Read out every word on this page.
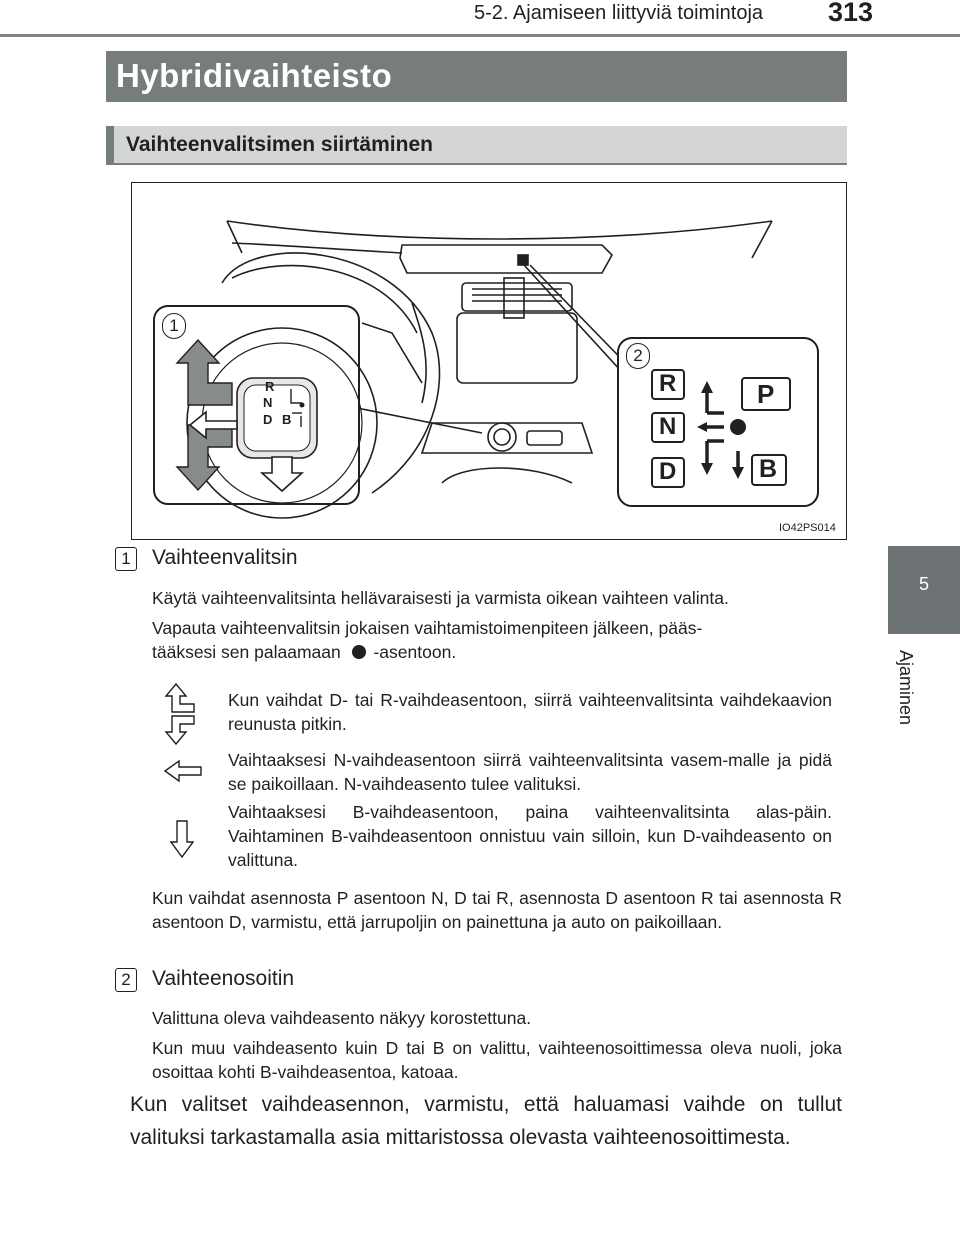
5-2. Ajamiseen liittyviä toimintoja 313
5
Ajaminen
Hybridivaihteisto
Vaihteenvalitsimen siirtäminen
1
2
R
N
D B
R
N
D
P
B
IO42PS014
1 Vaihteenvalitsin
Käytä vaihteenvalitsinta hellävaraisesti ja varmista oikean vaihteen valinta.
Vapauta vaihteenvalitsin jokaisen vaihtamistoimenpiteen jälkeen, pääs-
tääksesi sen palaamaan -asentoon.
Kun vaihdat D- tai R-vaihdeasentoon, siirrä vaihteenvalitsinta vaihdekaavion reunusta pitkin.
Vaihtaaksesi N-vaihdeasentoon siirrä vaihteenvalitsinta vasem-malle ja pidä se paikoillaan. N-vaihdeasento tulee valituksi.
Vaihtaaksesi B-vaihdeasentoon, paina vaihteenvalitsinta alas-päin. Vaihtaminen B-vaihdeasentoon onnistuu vain silloin, kun D-vaihdeasento on valittuna.
Kun vaihdat asennosta P asentoon N, D tai R, asennosta D asentoon R tai asennosta R asentoon D, varmistu, että jarrupoljin on painettuna ja auto on paikoillaan.
2 Vaihteenosoitin
Valittuna oleva vaihdeasento näkyy korostettuna.
Kun muu vaihdeasento kuin D tai B on valittu, vaihteenosoittimessa oleva nuoli, joka osoittaa kohti B-vaihdeasentoa, katoaa.
Kun valitset vaihdeasennon, varmistu, että haluamasi vaihde on tullut valituksi tarkastamalla asia mittaristossa olevasta vaihteenosoittimesta.
